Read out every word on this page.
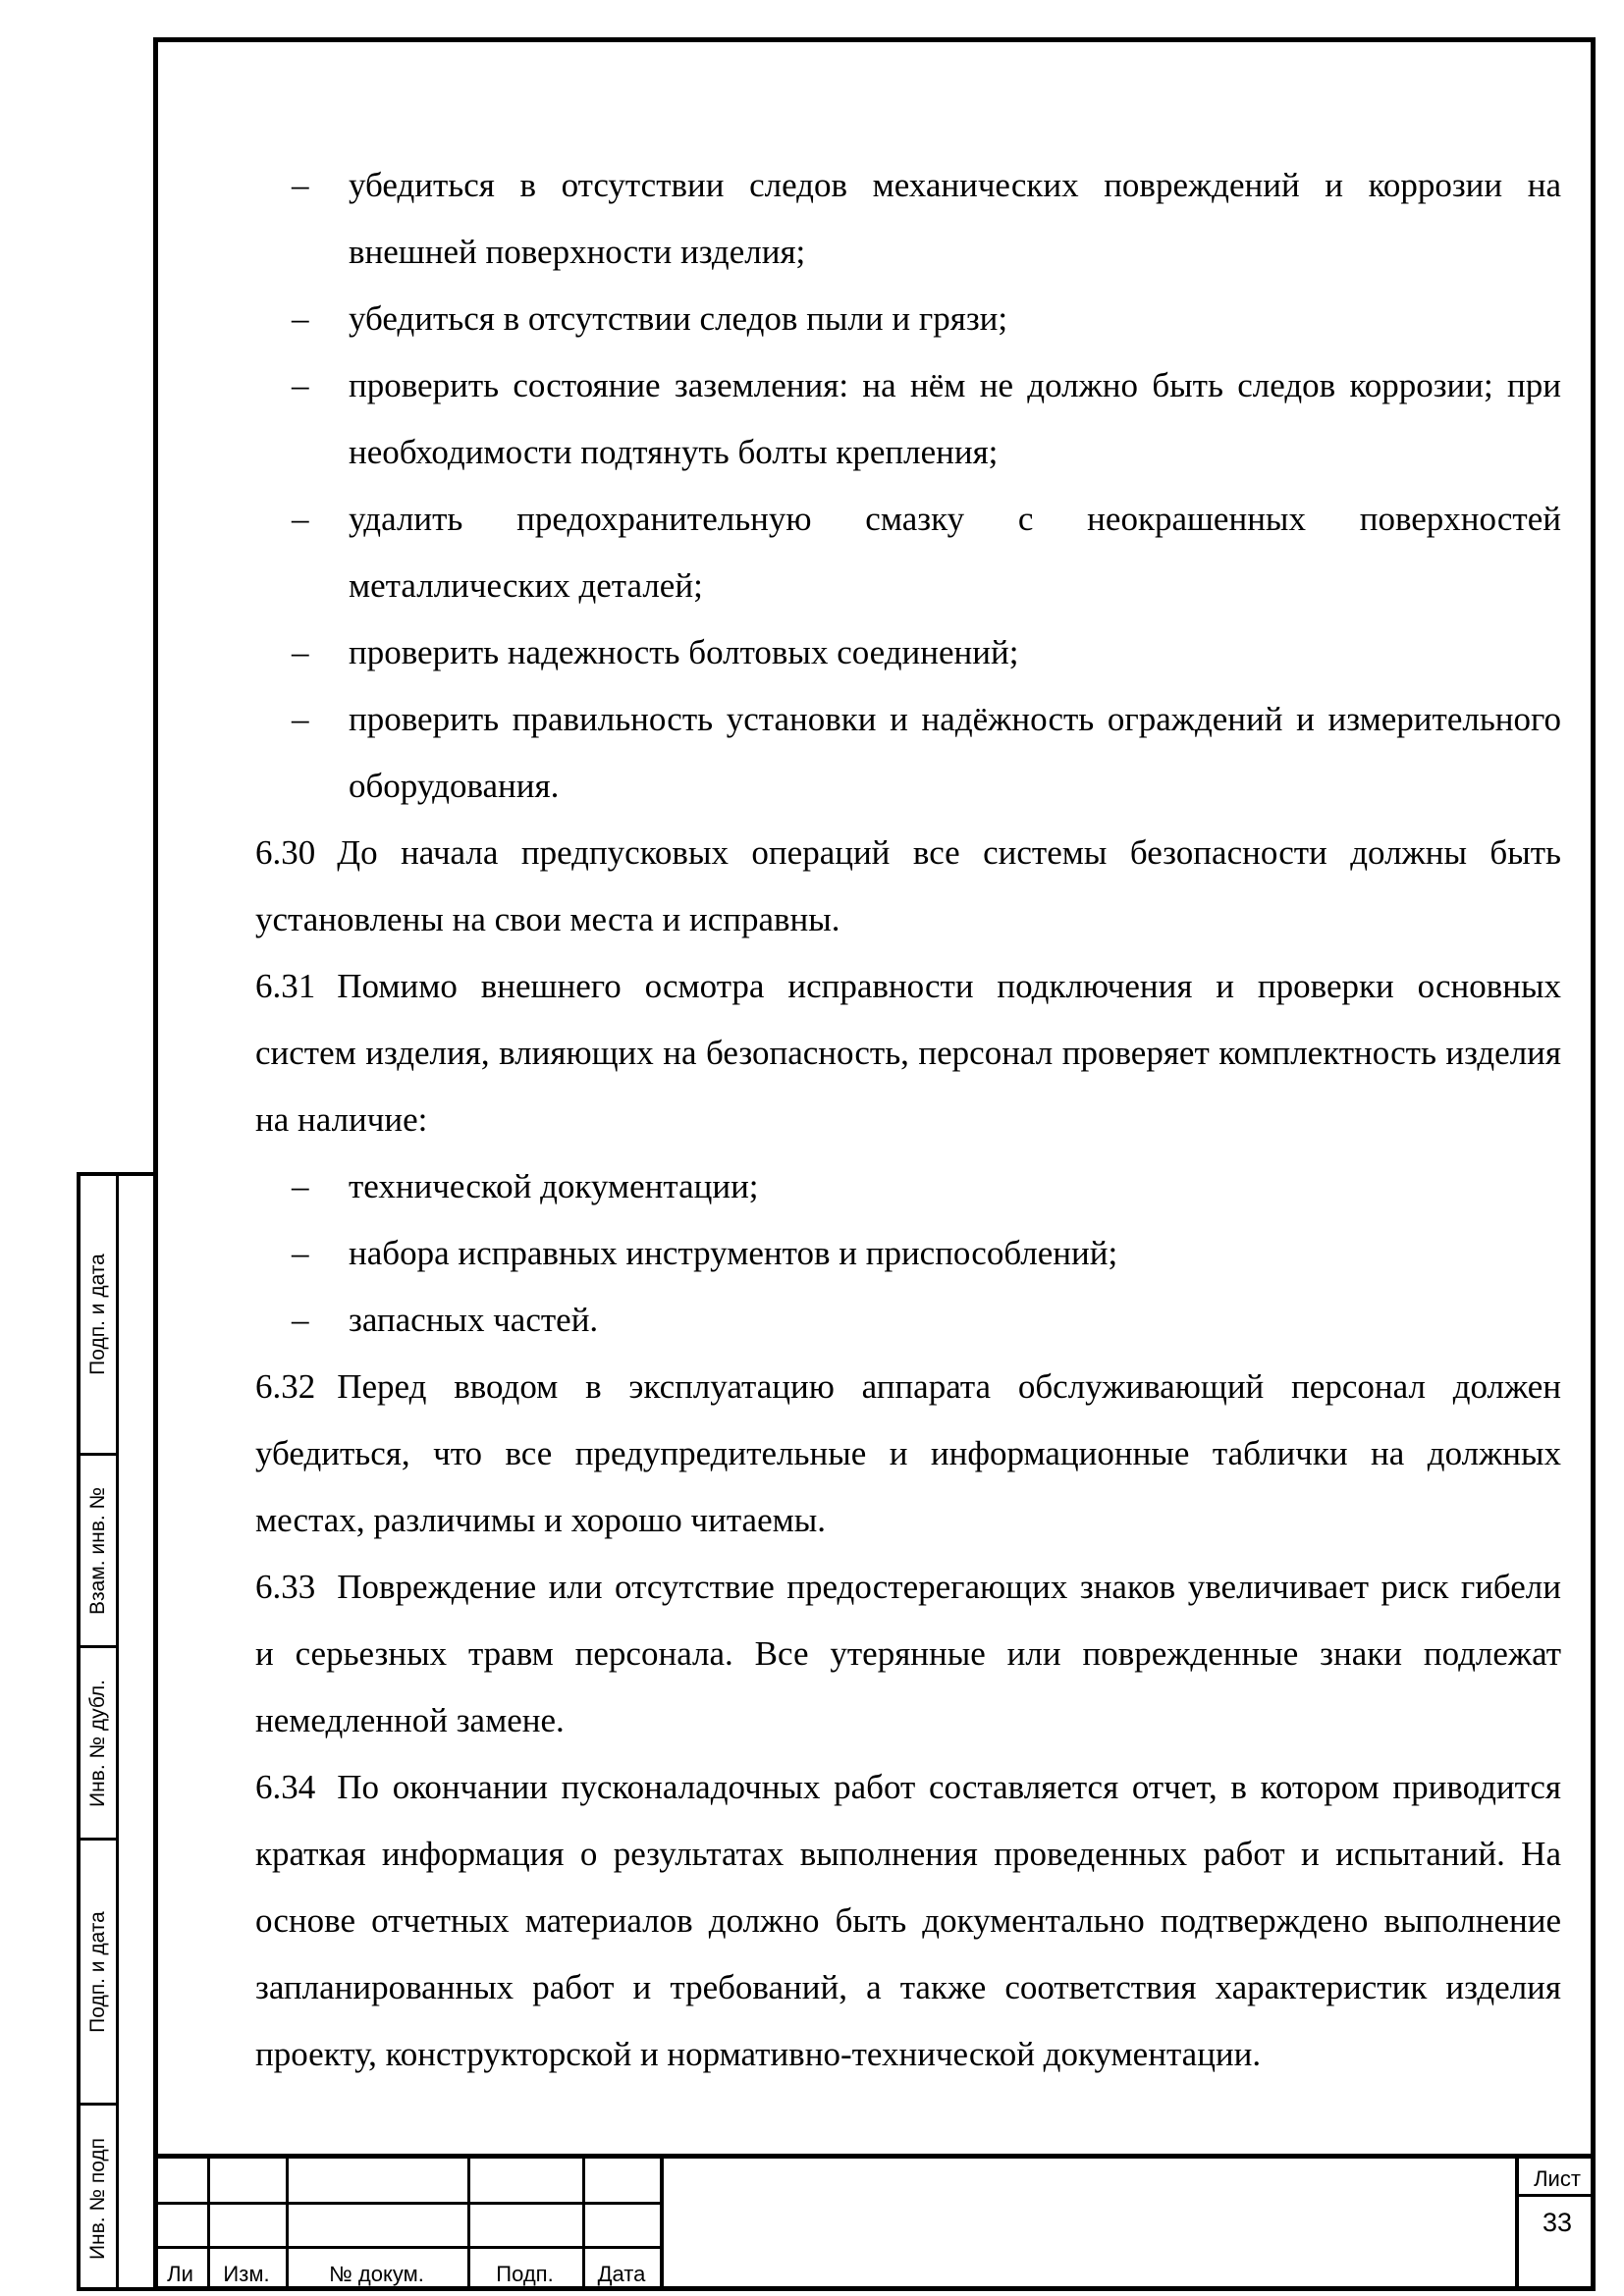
–	убедиться в отсутствии следов механических повреждений и коррозии на внешней поверхности изделия;
–	убедиться в отсутствии следов пыли и грязи;
–	проверить состояние заземления: на нём не должно быть следов коррозии; при необходимости подтянуть болты крепления;
–	удалить предохранительную смазку с неокрашенных поверхностей металлических деталей;
–	проверить надежность болтовых соединений;
–	проверить правильность установки и надёжность ограждений и измерительного оборудования.
6.30 До начала предпусковых операций все системы безопасности должны быть установлены на свои места и исправны.
6.31 Помимо внешнего осмотра исправности подключения и проверки основных систем изделия, влияющих на безопасность, персонал проверяет комплектность изделия на наличие:
–	технической документации;
–	набора исправных инструментов и приспособлений;
–	запасных частей.
6.32 Перед вводом в эксплуатацию аппарата обслуживающий персонал должен убедиться, что все предупредительные и информационные таблички на должных местах, различимы и хорошо читаемы.
6.33 Повреждение или отсутствие предостерегающих знаков увеличивает риск гибели и серьезных травм персонала. Все утерянные или поврежденные знаки подлежат немедленной замене.
6.34 По окончании пусконаладочных работ составляется отчет, в котором приводится краткая информация о результатах выполнения проведенных работ и испытаний. На основе отчетных материалов должно быть документально подтверждено выполнение запланированных работ и требований, а также соответствия характеристик изделия проекту, конструкторской и нормативно-технической документации.
Подп. и дата
Взам. инв. №
Инв. № дубл.
Подп. и дата
Инв. № подп
Ли	Изм.	№ докум.	Подп.	Дата
Лист
33
